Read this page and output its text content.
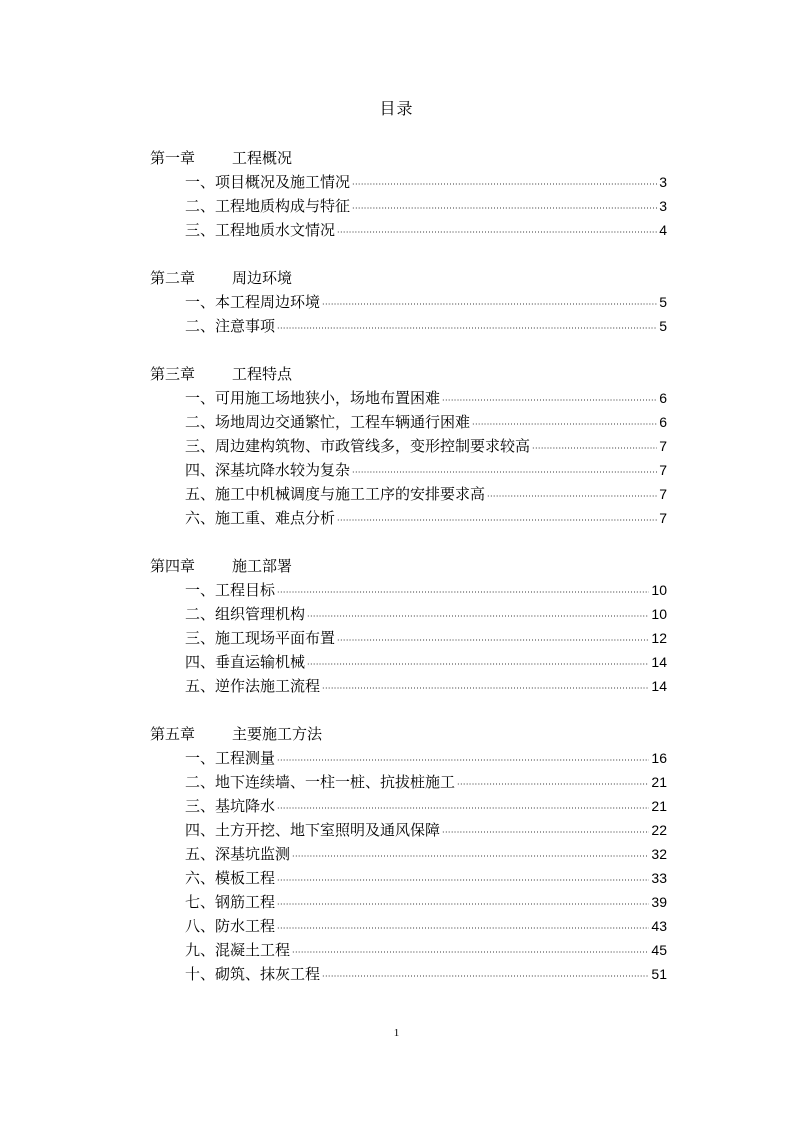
目录
第一章 工程概况
一、项目概况及施工情况 ·····	3
二、工程地质构成与特征 ·····	3
三、工程地质水文情况 ·····	4
第二章 周边环境
一、本工程周边环境 ·····	5
二、注意事项 ·····	5
第三章 工程特点
一、可用施工场地狭小，场地布置困难 ·····	6
二、场地周边交通繁忙，工程车辆通行困难 ·····	6
三、周边建构筑物、市政管线多，变形控制要求较高 ·····	7
四、深基坑降水较为复杂 ·····	7
五、施工中机械调度与施工工序的安排要求高 ·····	7
六、施工重、难点分析 ·····	7
第四章 施工部署
一、工程目标 ·····	10
二、组织管理机构 ·····	10
三、施工现场平面布置 ·····	12
四、垂直运输机械 ·····	14
五、逆作法施工流程 ·····	14
第五章 主要施工方法
一、工程测量 ·····	16
二、地下连续墙、一柱一桩、抗拔桩施工 ·····	21
三、基坑降水 ·····	21
四、土方开挖、地下室照明及通风保障 ·····	22
五、深基坑监测 ·····	32
六、模板工程 ·····	33
七、钢筋工程 ·····	39
八、防水工程 ·····	43
九、混凝土工程 ·····	45
十、砌筑、抹灰工程 ·····	51
1
